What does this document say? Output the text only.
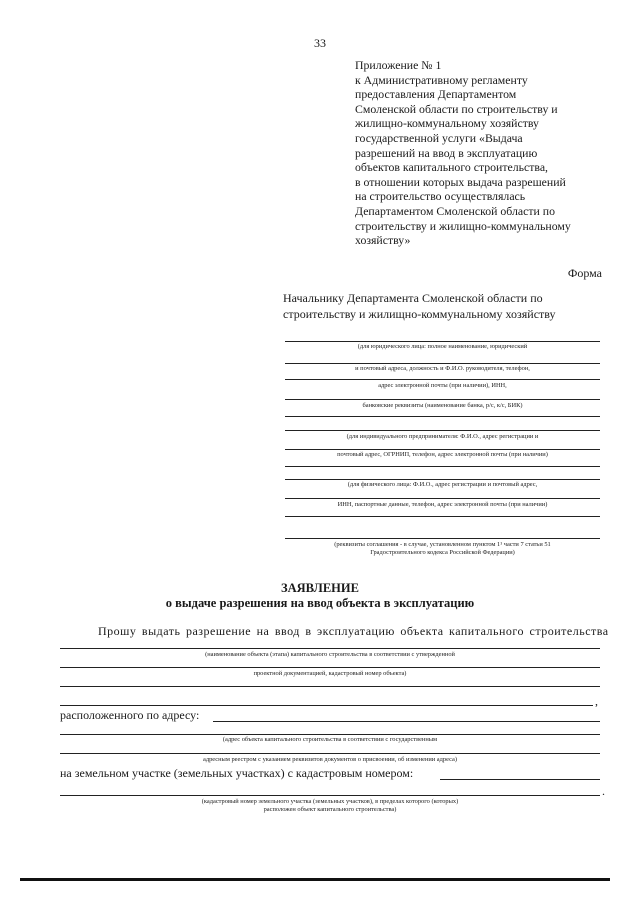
33
Приложение № 1
к Административному регламенту
предоставления Департаментом
Смоленской области по строительству и
жилищно-коммунальному хозяйству
государственной услуги «Выдача
разрешений на ввод в эксплуатацию
объектов капитального строительства,
в отношении которых выдача разрешений
на строительство осуществлялась
Департаментом Смоленской области по
строительству и жилищно-коммунальному
хозяйству»
Форма
Начальнику Департамента Смоленской области по
строительству и жилищно-коммунальному хозяйству
(для юридического лица: полное наименование, юридический
и почтовый адреса, должность и Ф.И.О. руководителя, телефон,
адрес электронной почты (при наличии), ИНН,
банковские реквизиты (наименование банка, р/с, к/с, БИК)
(для индивидуального предпринимателя: Ф.И.О., адрес регистрации и
почтовый адрес, ОГРНИП, телефон, адрес электронной почты (при наличии)
(для физического лица: Ф.И.О., адрес регистрации и почтовый адрес,
ИНН, паспортные данные, телефон, адрес электронной почты (при наличии)
(реквизиты соглашения - в случае, установленном пунктом 1¹ части 7 статьи 51
Градостроительного кодекса Российской Федерации)
ЗАЯВЛЕНИЕ
о выдаче разрешения на ввод объекта в эксплуатацию
Прошу выдать разрешение на ввод в эксплуатацию объекта капитального строительства
(наименование объекта (этапа) капитального строительства в соответствии с утвержденной
проектной документацией, кадастровый номер объекта)
,
расположенного по адресу:
(адрес объекта капитального строительства в соответствии с государственным
адресным реестром с указанием реквизитов документов о присвоении, об изменении адреса)
на земельном участке (земельных участках) с кадастровым номером:
.
(кадастровый номер земельного участка (земельных участков), в пределах которого (которых)
расположен объект капитального строительства)
